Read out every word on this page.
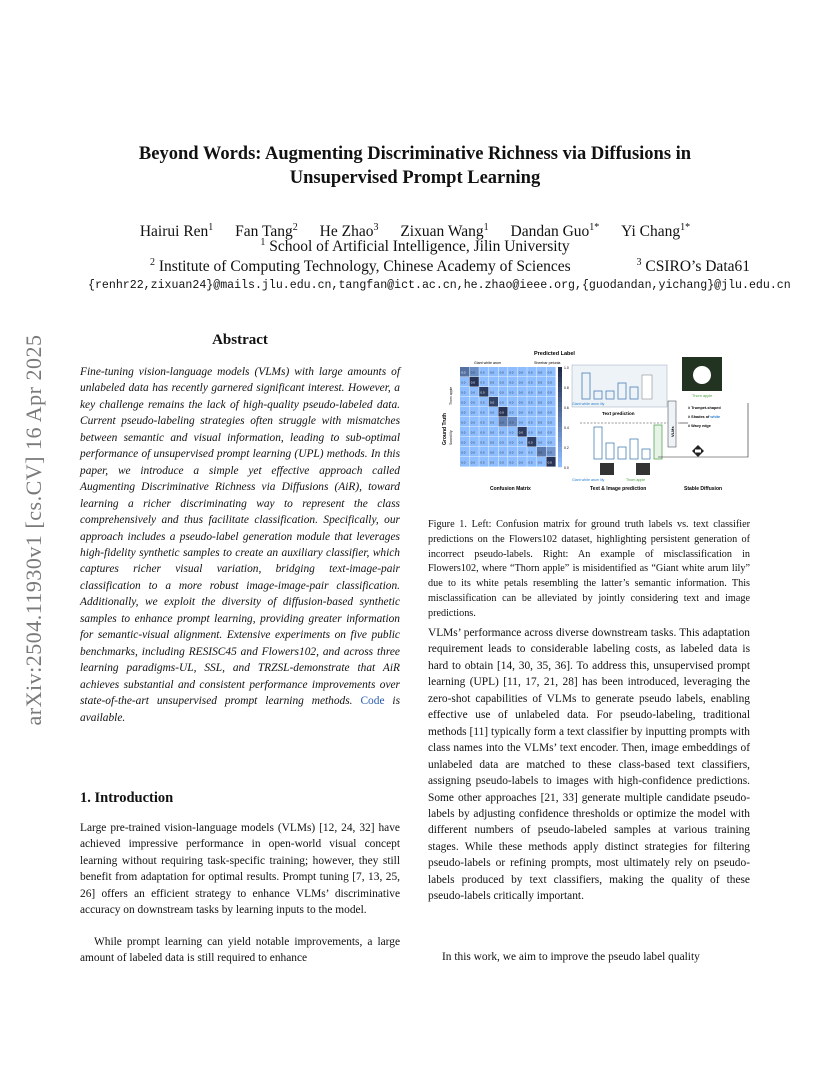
arXiv:2504.11930v1 [cs.CV] 16 Apr 2025
Beyond Words: Augmenting Discriminative Richness via Diffusions in
Unsupervised Prompt Learning
Hairui Ren$^1$ Fan Tang$^2$ He Zhao$^3$ Zixuan Wang$^1$ Dandan Guo$^{1*}$ Yi Chang$^{1*}$
$^1$ School of Artificial Intelligence, Jilin University
$^2$ Institute of Computing Technology, Chinese Academy of Sciences	$^3$ CSIRO’s Data61
{renhr22,zixuan24}@mails.jlu.edu.cn,tangfan@ict.ac.cn,he.zhao@ieee.org,{guodandan,yichang}@jlu.edu.cn
Abstract
Fine-tuning vision-language models (VLMs) with large amounts of unlabeled data has recently garnered significant interest. However, a key challenge remains the lack of high-quality pseudo-labeled data. Current pseudo-labeling strategies often struggle with mismatches between semantic and visual information, leading to sub-optimal performance of unsupervised prompt learning (UPL) methods. In this paper, we introduce a simple yet effective approach called Augmenting Discriminative Richness via Diffusions (AiR), toward learning a richer discriminating way to represent the class comprehensively and thus facilitate classification. Specifically, our approach includes a pseudo-label generation module that leverages high-fidelity synthetic samples to create an auxiliary classifier, which captures richer visual variation, bridging text-image-pair classification to a more robust image-image-pair classification. Additionally, we exploit the diversity of diffusion-based synthetic samples to enhance prompt learning, providing greater information for semantic-visual alignment. Extensive experiments on five public benchmarks, including RESISC45 and Flowers102, and across three learning paradigms-UL, SSL, and TRZSL-demonstrate that AiR achieves substantial and consistent performance improvements over state-of-the-art unsupervised prompt learning methods. Code is available.
Predicted Label
Giant white arum	Sheebar petunia
Ground Truth
Thorn apple
Sword lily
0.0 0.0 0.0 0.0 0.0 0.0 0.0 0.0 0.0 0.0
0.0 0.0 0.0 0.0 0.0 0.0 0.0 0.0 0.0 0.0
0.0 0.0 0.0 0.0 0.0 0.0 0.0 0.0 0.0 0.0
0.0 0.0 0.0 0.0 0.0 0.0 0.0 0.0 0.0 0.0
0.0 0.0 0.0 0.0 0.0 0.0 0.0 0.0 0.0 0.0
0.0 0.0 0.0 0.0 0.0 0.0 0.0 0.0 0.0 0.0
0.0 0.0 0.0 0.0 0.0 0.0 0.0 0.0 0.0 0.0
0.0 0.0 0.0 0.0 0.0 0.0 0.0 0.0 0.0 0.0
0.0 0.0 0.0 0.0 0.0 0.0 0.0 0.0 0.0 0.0
0.0 0.0 0.0 0.0 0.0 0.0 0.0 0.0 0.0 0.0
1.0
0.8
0.6
0.4
0.2
0.0
Confusion Matrix
Giant white arum lily
Text prediction
Giant white arum lily	Thorn apple
Text & Image prediction
VLMs
Thorn apple
# Trumpet-shaped
# Shades of white
# Wavy edge
Stable Diffusion
Figure 1. Left: Confusion matrix for ground truth labels vs. text classifier predictions on the Flowers102 dataset, highlighting persistent generation of incorrect pseudo-labels. Right: An example of misclassification in Flowers102, where “Thorn apple” is misidentified as “Giant white arum lily” due to its white petals resembling the latter’s semantic information. This misclassification can be alleviated by jointly considering text and image predictions.
1. Introduction
Large pre-trained vision-language models (VLMs) [12, 24, 32] have achieved impressive performance in open-world visual concept learning without requiring task-specific training; however, they still benefit from adaptation for optimal results. Prompt tuning [7, 13, 25, 26] offers an efficient strategy to enhance VLMs’ discriminative accuracy on downstream tasks by learning inputs to the model.
While prompt learning can yield notable improvements, a large amount of labeled data is still required to enhance
VLMs’ performance across diverse downstream tasks. This adaptation requirement leads to considerable labeling costs, as labeled data is hard to obtain [14, 30, 35, 36]. To address this, unsupervised prompt learning (UPL) [11, 17, 21, 28] has been introduced, leveraging the zero-shot capabilities of VLMs to generate pseudo labels, enabling effective use of unlabeled data. For pseudo-labeling, traditional methods [11] typically form a text classifier by inputting prompts with class names into the VLMs’ text encoder. Then, image embeddings of unlabeled data are matched to these class-based text classifiers, assigning pseudo-labels to images with high-confidence predictions. Some other approaches [21, 33] generate multiple candidate pseudo-labels by adjusting confidence thresholds or optimize the model with different numbers of pseudo-labeled samples at various training stages. While these methods apply distinct strategies for filtering pseudo-labels or refining prompts, most ultimately rely on pseudo-labels produced by text classifiers, making the quality of these pseudo-labels critically important.
In this work, we aim to improve the pseudo label quality
